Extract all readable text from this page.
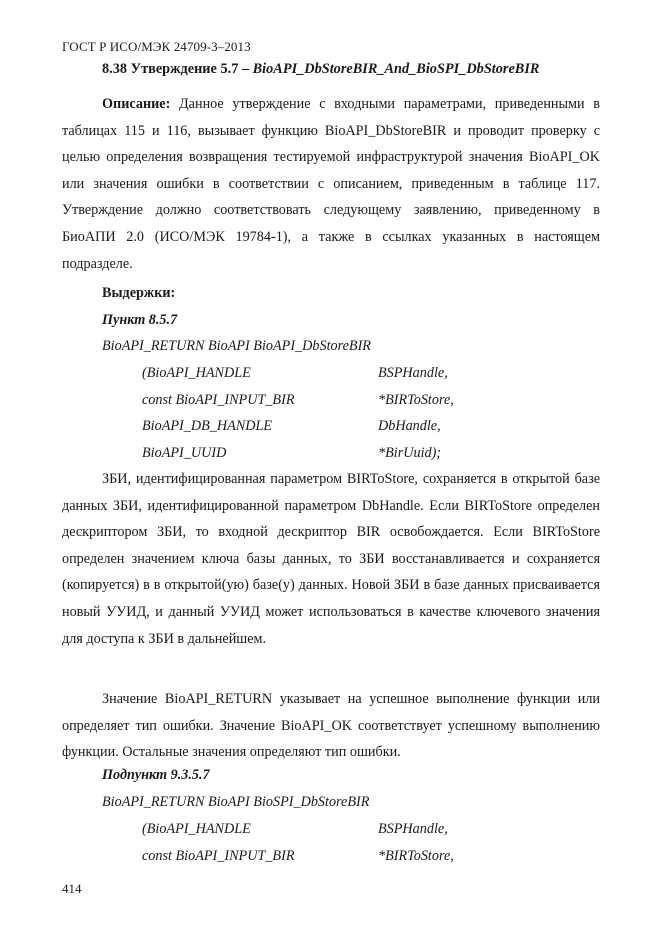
ГОСТ Р ИСО/МЭК 24709-3–2013
8.38 Утверждение 5.7 – BioAPI_DbStoreBIR_And_BioSPI_DbStoreBIR
Описание: Данное утверждение с входными параметрами, приведенными в таблицах 115 и 116, вызывает функцию BioAPI_DbStoreBIR и проводит проверку с целью определения возвращения тестируемой инфраструктурой значения BioAPI_OK или значения ошибки в соответствии с описанием, приведенным в таблице 117. Утверждение должно соответствовать следующему заявлению, приведенному в БиоАПИ 2.0 (ИСО/МЭК 19784-1), а также в ссылках указанных в настоящем подразделе.
Выдержки:
Пункт 8.5.7
BioAPI_RETURN BioAPI BioAPI_DbStoreBIR
(BioAPI_HANDLE	BSPHandle,
const BioAPI_INPUT_BIR	*BIRToStore,
BioAPI_DB_HANDLE	DbHandle,
BioAPI_UUID	*BirUuid);
ЗБИ, идентифицированная параметром BIRToStore, сохраняется в открытой базе данных ЗБИ, идентифицированной параметром DbHandle. Если BIRToStore определен дескриптором ЗБИ, то входной дескриптор BIR освобождается. Если BIRToStore определен значением ключа базы данных, то ЗБИ восстанавливается и сохраняется (копируется) в в открытой(ую) базе(у) данных. Новой ЗБИ в базе данных присваивается новый УУИД, и данный УУИД может использоваться в качестве ключевого значения для доступа к ЗБИ в дальнейшем.
Значение BioAPI_RETURN указывает на успешное выполнение функции или определяет тип ошибки. Значение BioAPI_OK соответствует успешному выполнению функции. Остальные значения определяют тип ошибки.
Подпункт 9.3.5.7
BioAPI_RETURN BioAPI BioSPI_DbStoreBIR
(BioAPI_HANDLE	BSPHandle,
const BioAPI_INPUT_BIR	*BIRToStore,
414
